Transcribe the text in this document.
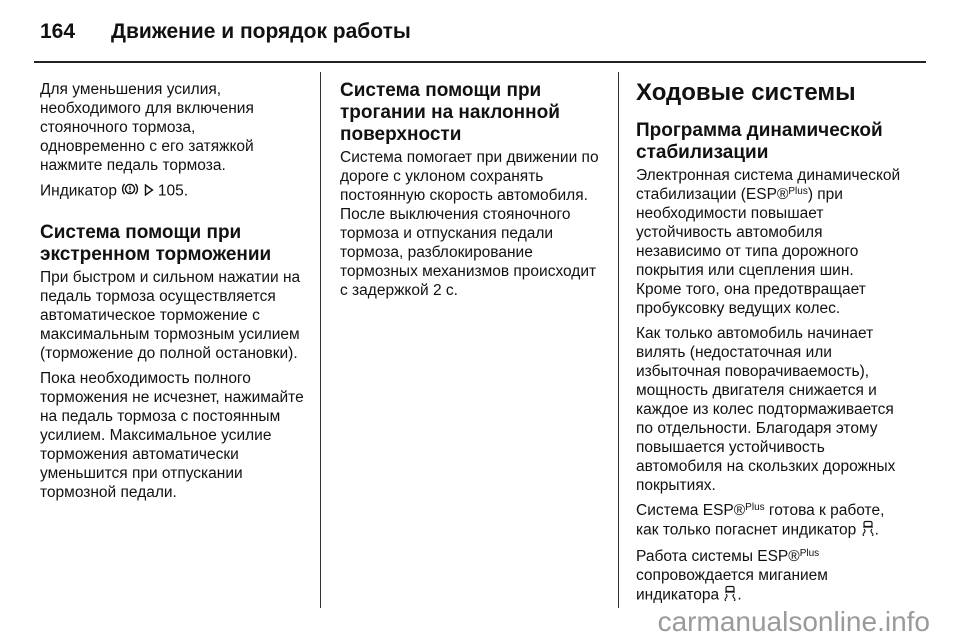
164 Движение и порядок работы

Для уменьшения усилия, необходимого для включения стояночного тормоза, одновременно с его затяжкой нажмите педаль тормоза.

Индикатор	105.

Система помощи при экстренном торможении

При быстром и сильном нажатии на педаль тормоза осуществляется автоматическое торможение с максимальным тормозным усилием (торможение до полной остановки).

Пока необходимость полного торможения не исчезнет, нажимайте на педаль тормоза с постоянным усилием. Максимальное усилие торможения автоматически уменьшится при отпускании тормозной педали.

Система помощи при трогании на наклонной поверхности

Система помогает при движении по дороге с уклоном сохранять постоянную скорость автомобиля. После выключения стояночного тормоза и отпускания педали тормоза, разблокирование тормозных механизмов происходит с задержкой 2 с.

Ходовые системы
Программа динамической стабилизации

Электронная система динамической стабилизации (ESP®$^{Plus}$) при необходимости повышает устойчивость автомобиля независимо от типа дорожного покрытия или сцепления шин. Кроме того, она предотвращает пробуксовку ведущих колес.

Как только автомобиль начинает вилять (недостаточная или избыточная поворачиваемость), мощность двигателя снижается и каждое из колес подтормаживается по отдельности. Благодаря этому повышается устойчивость автомобиля на скользких дорожных покрытиях.

Система ESP®$^{Plus}$ готова к работе, как только погаснет индикатор .

Работа системы ESP®$^{Plus}$ сопровождается миганием индикатора .

carmanualsonline.info
